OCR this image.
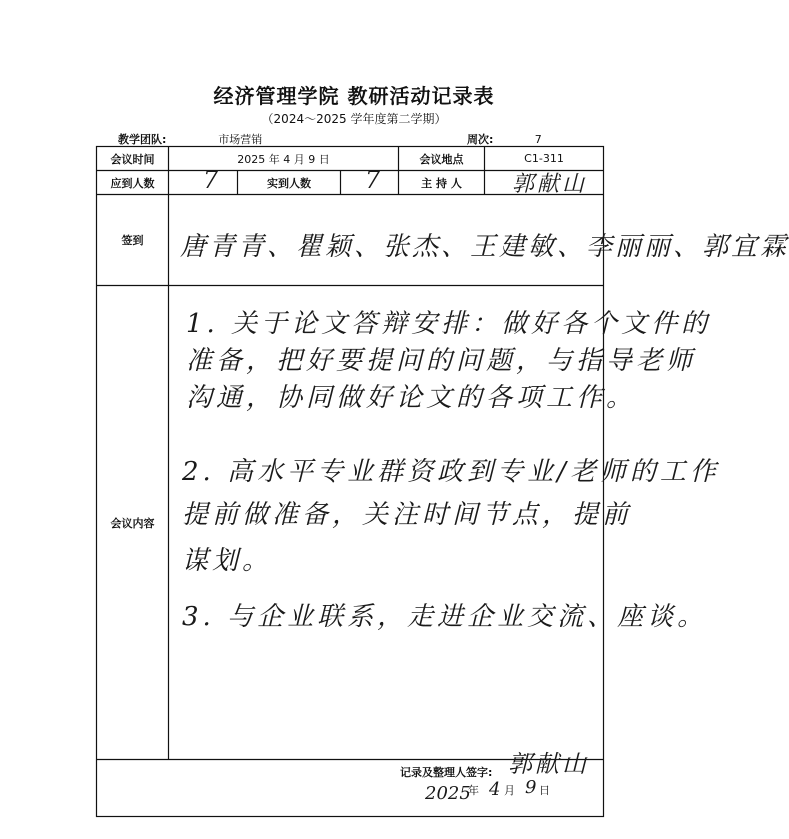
经济管理学院 教研活动记录表
（2024～2025 学年度第二学期）
教学团队:	市场营销	周次:	7
会议时间	2025 年 4 月 9 日	会议地点	C1-311
应到人数	7	实到人数	7	主 持 人	郭献山
签到	唐青青、瞿颖、张杰、王建敏、李丽丽、郭宜霖
会议内容
1. 关于论文答辩安排：做好各个文件的
准备，把好要提问的问题，与指导老师
沟通，协同做好论文的各项工作。
2. 高水平专业群资政到专业/老师的工作
提前做准备，关注时间节点，提前
谋划。
3. 与企业联系，走进企业交流、座谈。
记录及整理人签字: 郭献山
2025
年 4 月 9 日
